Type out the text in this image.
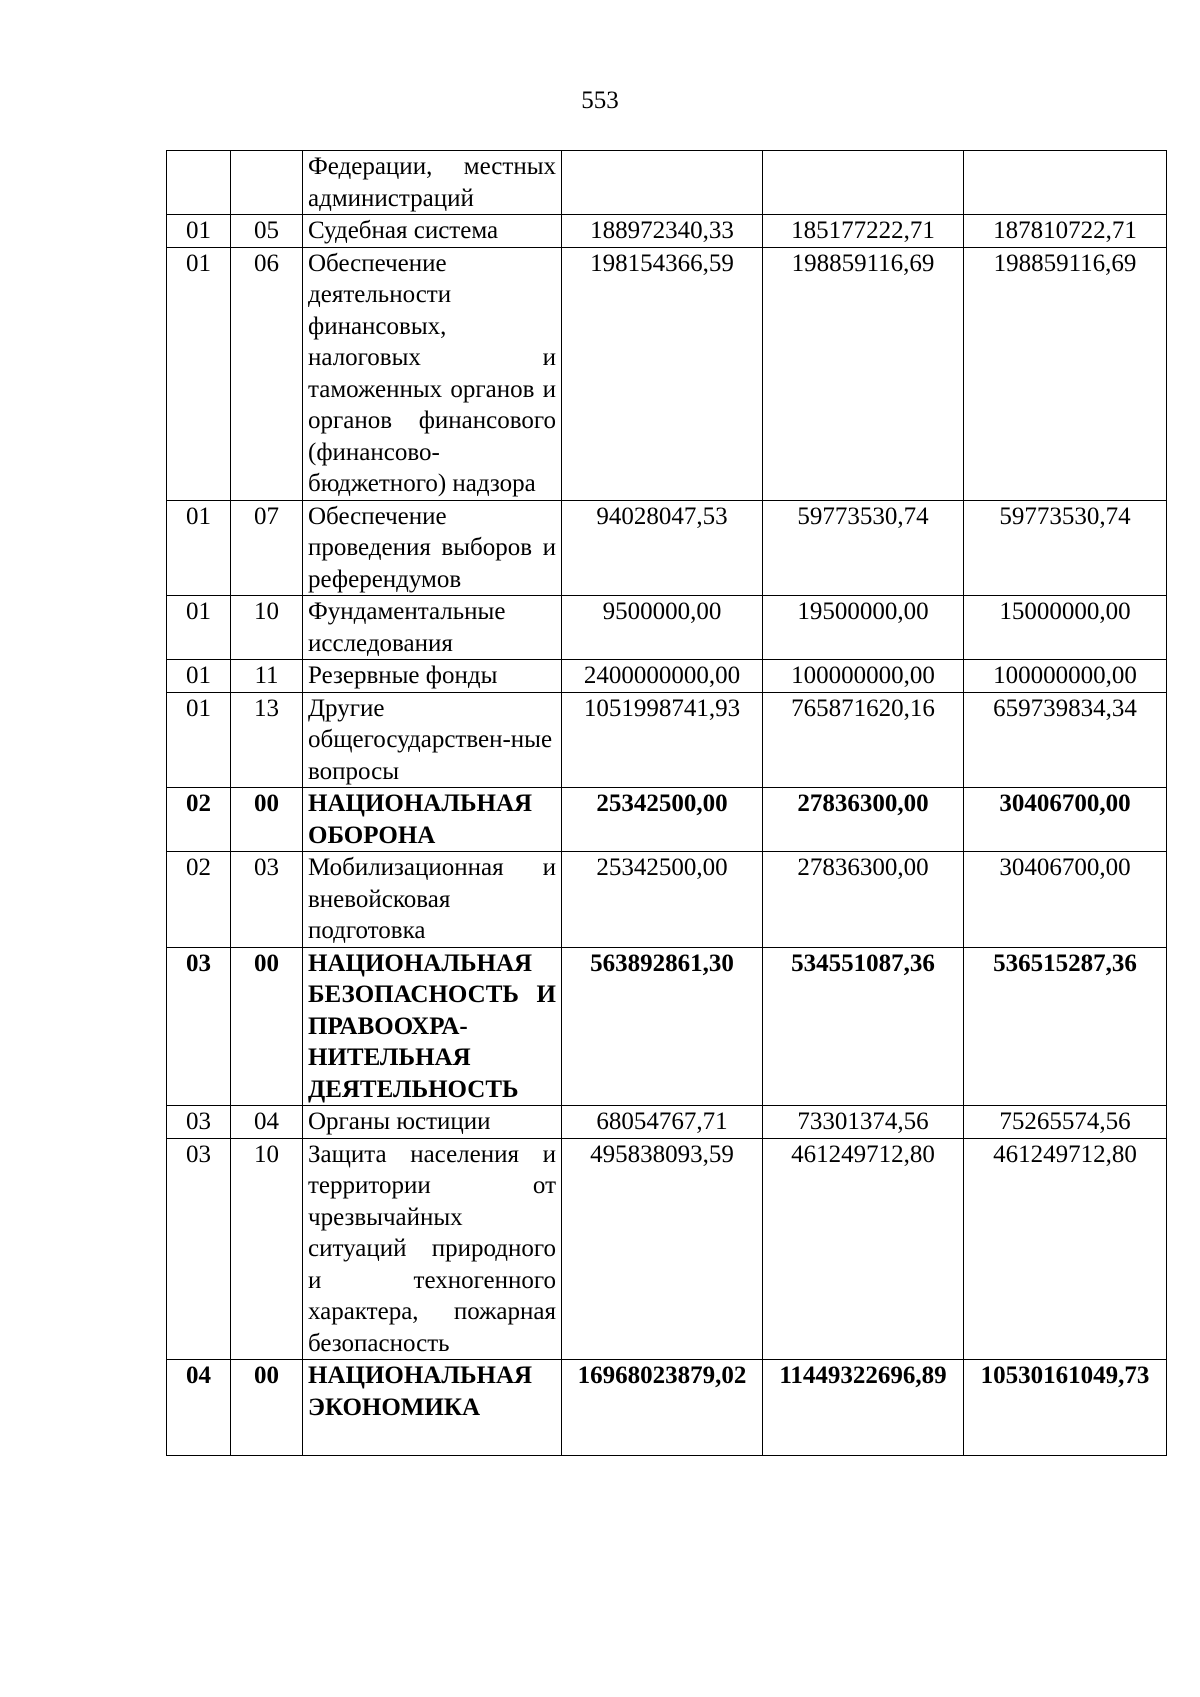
553
		Федерации, местных администраций			
01	05	Судебная система	188972340,33	185177222,71	187810722,71
01	06	Обеспечение деятельности финансовых, налоговых и таможенных органов и органов финансового (финансово-бюджетного) надзора	198154366,59	198859116,69	198859116,69
01	07	Обеспечение проведения выборов и референдумов	94028047,53	59773530,74	59773530,74
01	10	Фундаментальные исследования	9500000,00	19500000,00	15000000,00
01	11	Резервные фонды	2400000000,00	100000000,00	100000000,00
01	13	Другие общегосударствен-ные вопросы	1051998741,93	765871620,16	659739834,34
02	00	НАЦИОНАЛЬНАЯ ОБОРОНА	25342500,00	27836300,00	30406700,00
02	03	Мобилизационная и вневойсковая подготовка	25342500,00	27836300,00	30406700,00
03	00	НАЦИОНАЛЬНАЯ БЕЗОПАСНОСТЬ И ПРАВООХРА-НИТЕЛЬНАЯ ДЕЯТЕЛЬНОСТЬ	563892861,30	534551087,36	536515287,36
03	04	Органы юстиции	68054767,71	73301374,56	75265574,56
03	10	Защита населения и территории от чрезвычайных ситуаций природного и техногенного характера, пожарная безопасность	495838093,59	461249712,80	461249712,80
04	00	НАЦИОНАЛЬНАЯ ЭКОНОМИКА	16968023879,02	11449322696,89	10530161049,73
